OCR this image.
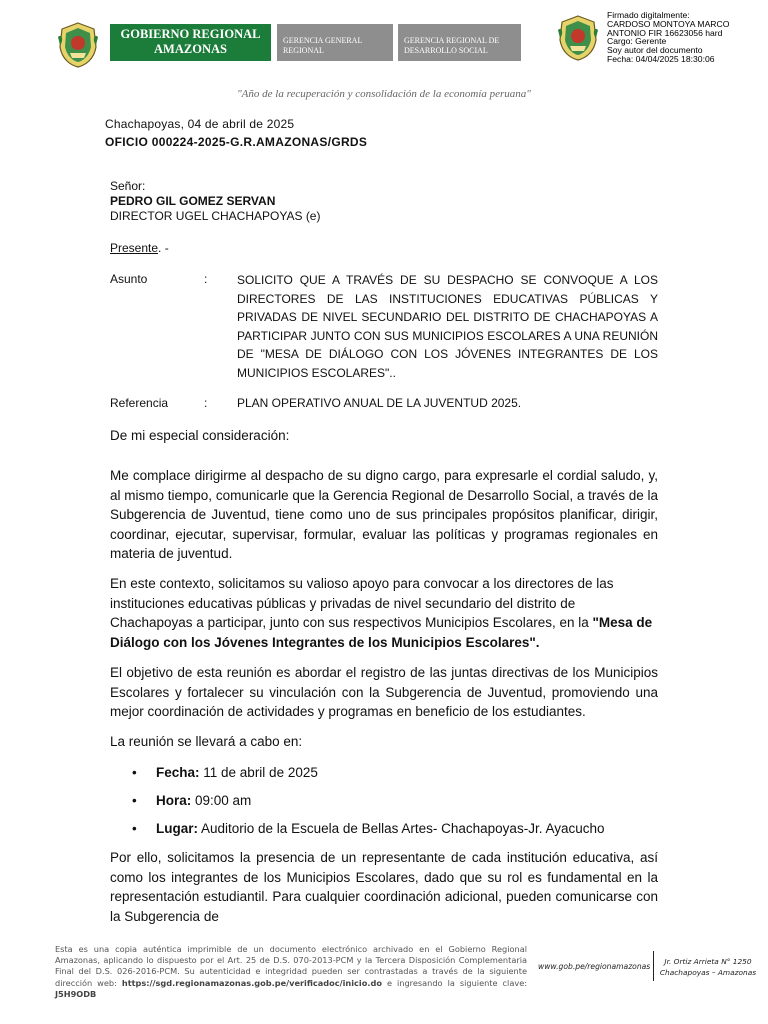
GOBIERNO REGIONAL
AMAZONAS
GERENCIA GENERAL
REGIONAL
GERENCIA REGIONAL DE
DESARROLLO SOCIAL
Firmado digitalmente:
CARDOSO MONTOYA MARCO
ANTONIO FIR 16623056 hard
Cargo: Gerente
Soy autor del documento
Fecha: 04/04/2025 18:30:06
"Año de la recuperación y consolidación de la economía peruana"
Chachapoyas, 04 de abril de 2025
OFICIO 000224-2025-G.R.AMAZONAS/GRDS
Señor:
PEDRO GIL GOMEZ SERVAN
DIRECTOR UGEL CHACHAPOYAS (e)
Presente. -
Asunto	: SOLICITO QUE A TRAVÉS DE SU DESPACHO SE CONVOQUE A LOS DIRECTORES DE LAS INSTITUCIONES EDUCATIVAS PÚBLICAS Y PRIVADAS DE NIVEL SECUNDARIO DEL DISTRITO DE CHACHAPOYAS A PARTICIPAR JUNTO CON SUS MUNICIPIOS ESCOLARES A UNA REUNIÓN DE "MESA DE DIÁLOGO CON LOS JÓVENES INTEGRANTES DE LOS MUNICIPIOS ESCOLARES"..
Referencia	: PLAN OPERATIVO ANUAL DE LA JUVENTUD 2025.
De mi especial consideración:
Me complace dirigirme al despacho de su digno cargo, para expresarle el cordial saludo, y, al mismo tiempo, comunicarle que la Gerencia Regional de Desarrollo Social, a través de la Subgerencia de Juventud, tiene como uno de sus principales propósitos planificar, dirigir, coordinar, ejecutar, supervisar, formular, evaluar las políticas y programas regionales en materia de juventud.
En este contexto, solicitamos su valioso apoyo para convocar a los directores de las instituciones educativas públicas y privadas de nivel secundario del distrito de Chachapoyas a participar, junto con sus respectivos Municipios Escolares, en la "Mesa de Diálogo con los Jóvenes Integrantes de los Municipios Escolares".
El objetivo de esta reunión es abordar el registro de las juntas directivas de los Municipios Escolares y fortalecer su vinculación con la Subgerencia de Juventud, promoviendo una mejor coordinación de actividades y programas en beneficio de los estudiantes.
La reunión se llevará a cabo en:
• Fecha: 11 de abril de 2025
• Hora: 09:00 am
• Lugar: Auditorio de la Escuela de Bellas Artes- Chachapoyas-Jr. Ayacucho
Por ello, solicitamos la presencia de un representante de cada institución educativa, así como los integrantes de los Municipios Escolares, dado que su rol es fundamental en la representación estudiantil. Para cualquier coordinación adicional, pueden comunicarse con la Subgerencia de
Esta es una copia auténtica imprimible de un documento electrónico archivado en el Gobierno Regional Amazonas, aplicando lo dispuesto por el Art. 25 de D.S. 070-2013-PCM y la Tercera Disposición Complementaria Final del D.S. 026-2016-PCM. Su autenticidad e integridad pueden ser contrastadas a través de la siguiente dirección web: https://sgd.regionamazonas.gob.pe/verificadoc/inicio.do e ingresando la siguiente clave: J5H9ODB
www.gob.pe/regionamazonas
Jr. Ortiz Arrieta N° 1250
Chachapoyas – Amazonas
